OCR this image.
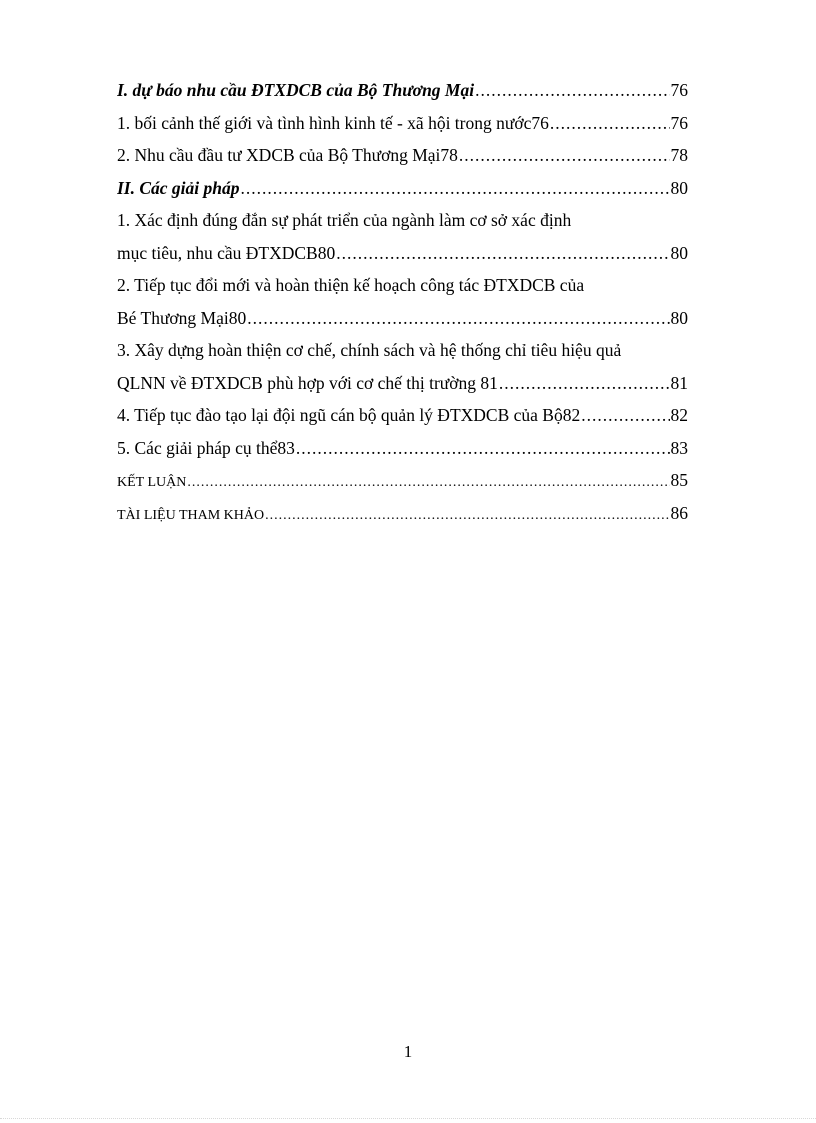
I. dự báo nhu cầu ĐTXDCB của Bộ Thương Mại .....	76
1. bối cảnh thế giới và tình hình kinh tế - xã hội trong nước76 .....	76
2. Nhu cầu đầu tư XDCB của Bộ Thương Mại78 .....	78
II. Các giải pháp .....	80
1. Xác định đúng đắn sự phát triển của ngành làm cơ sở xác định
mục tiêu, nhu cầu ĐTXDCB80 .....	80
2. Tiếp tục đổi mới và hoàn thiện kế hoạch công tác ĐTXDCB của
Bé Thương Mại80 .....	80
3. Xây dựng hoàn thiện cơ chế, chính sách và hệ thống chỉ tiêu hiệu quả
QLNN về ĐTXDCB phù hợp với cơ chế thị trường 81 .....	81
4. Tiếp tục đào tạo lại đội ngũ cán bộ quản lý ĐTXDCB của Bộ82 .....	82
5. Các giải pháp cụ thể83 .....	83
KẾT LUẬN .....	85
TÀI LIỆU THAM KHẢO .....	86
1
